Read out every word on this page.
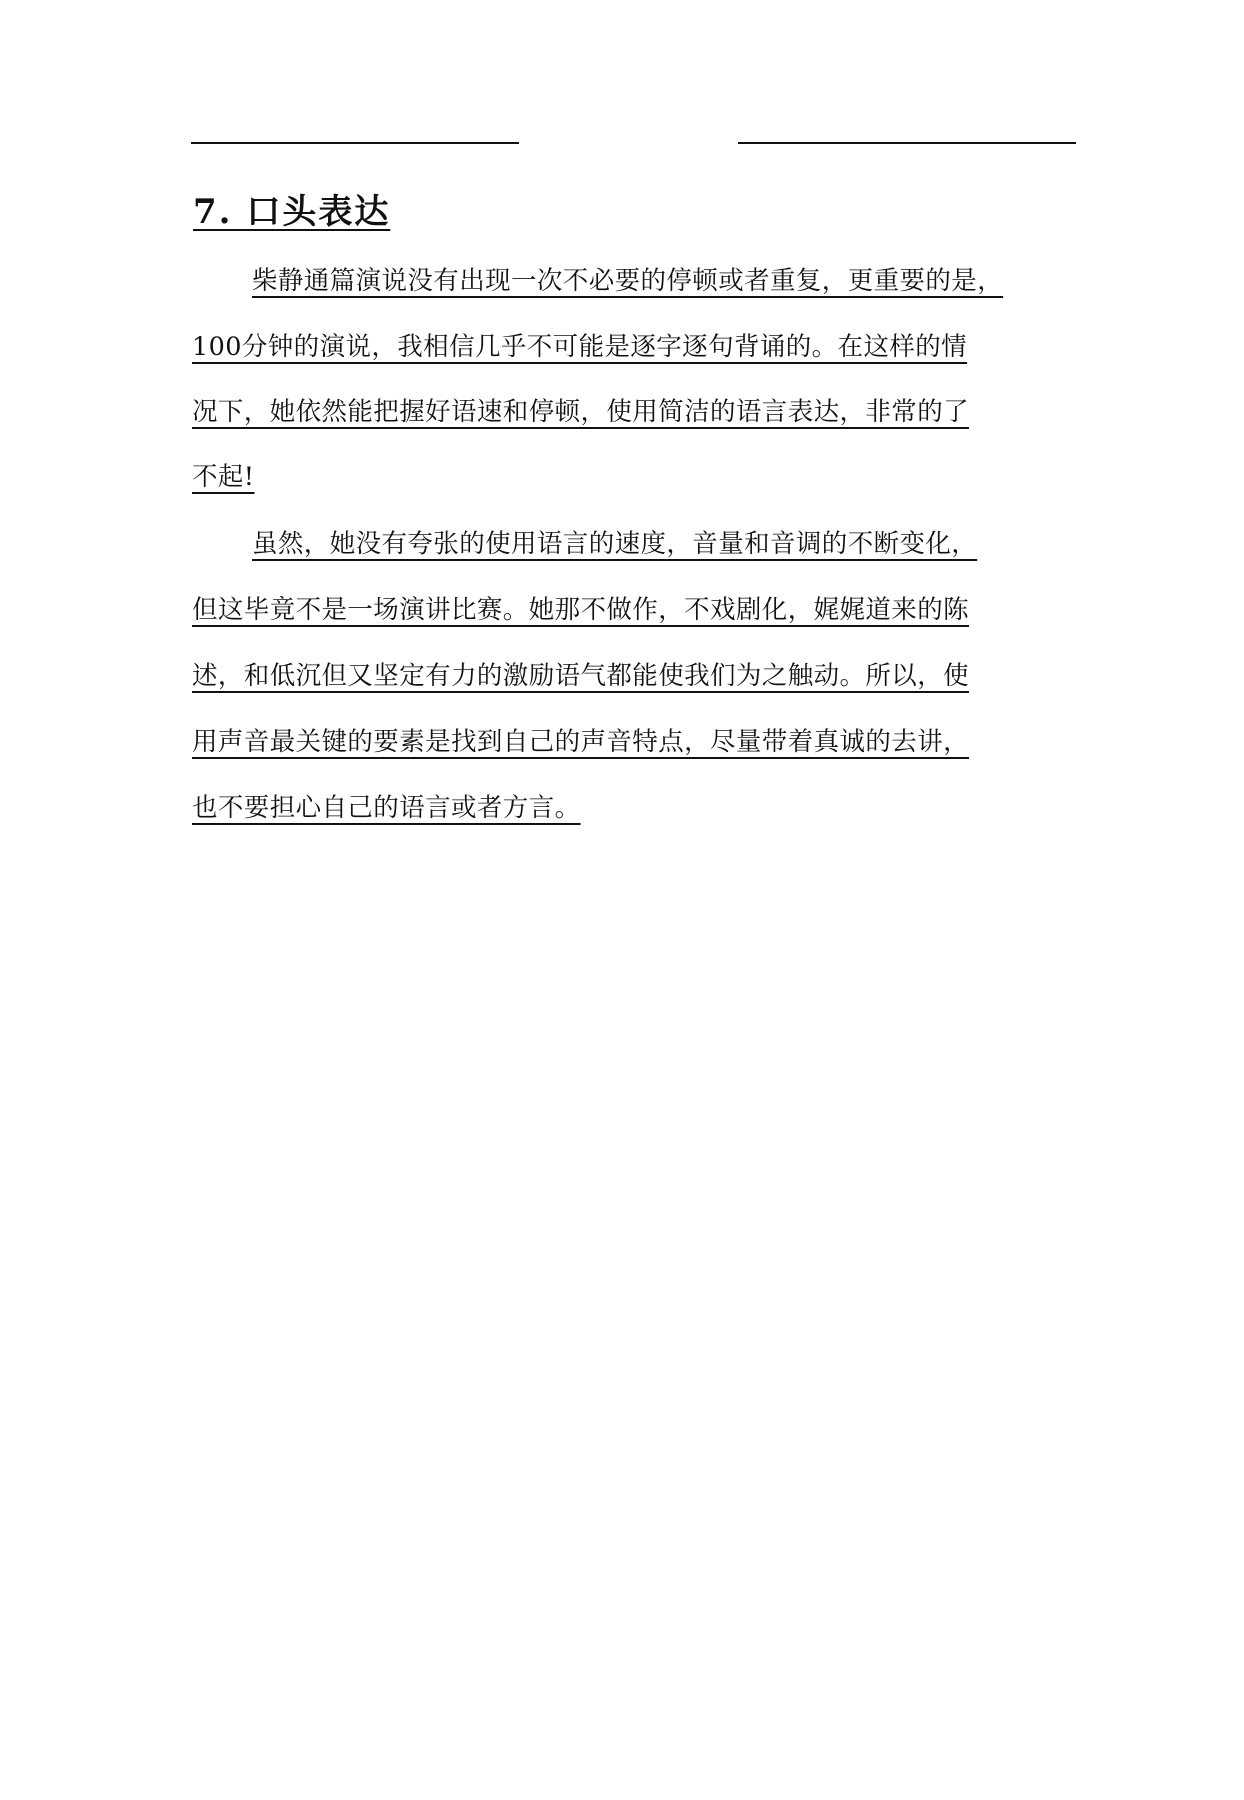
7. 口头表达
柴静通篇演说没有出现一次不必要的停顿或者重复，更重要的是，
100分钟的演说，我相信几乎不可能是逐字逐句背诵的。在这样的情
况下，她依然能把握好语速和停顿，使用简洁的语言表达，非常的了
不起!
虽然，她没有夸张的使用语言的速度，音量和音调的不断变化，
但这毕竟不是一场演讲比赛。她那不做作，不戏剧化，娓娓道来的陈
述，和低沉但又坚定有力的激励语气都能使我们为之触动。所以，使
用声音最关键的要素是找到自己的声音特点，尽量带着真诚的去讲，
也不要担心自己的语言或者方言。
